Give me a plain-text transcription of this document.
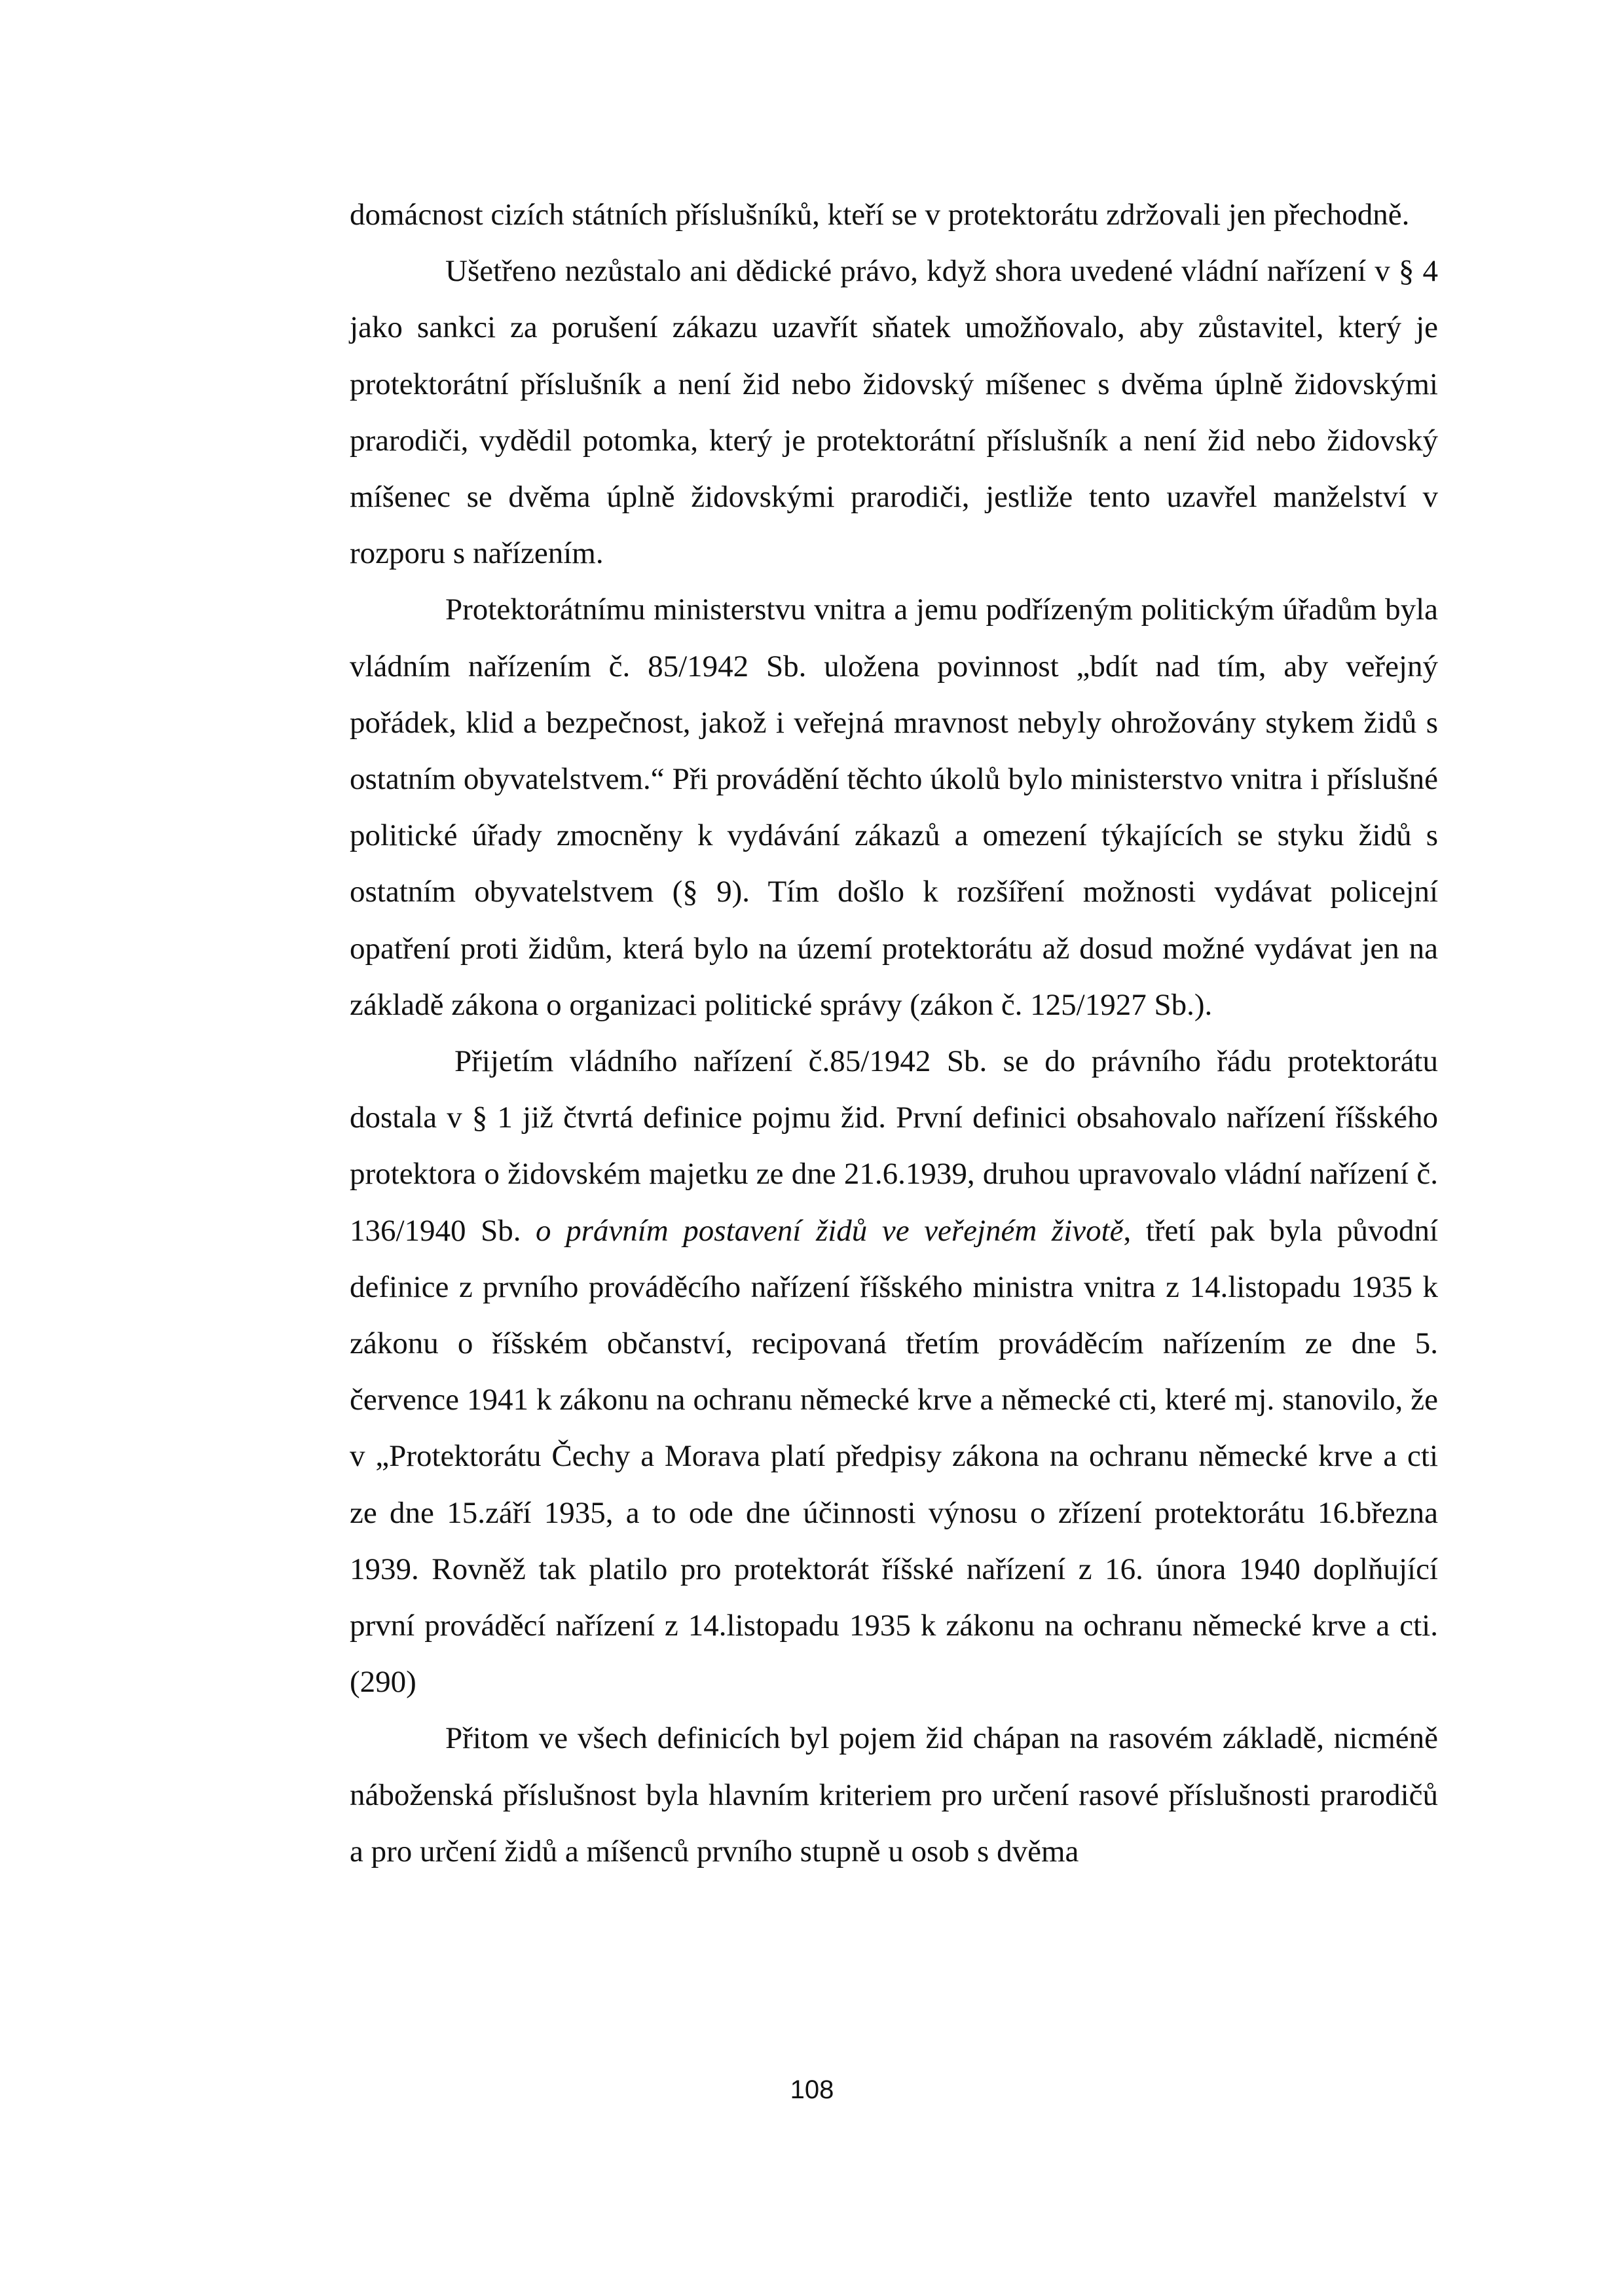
domácnost cizích státních příslušníků, kteří se v protektorátu zdržovali jen přechodně.

Ušetřeno nezůstalo ani dědické právo, když shora uvedené vládní nařízení v § 4 jako sankci za porušení zákazu uzavřít sňatek umožňovalo, aby zůstavitel, který je protektorátní příslušník a není žid nebo židovský míšenec s dvěma úplně židovskými prarodiči, vydědil potomka, který je protektorátní příslušník a není žid nebo židovský míšenec se dvěma úplně židovskými prarodiči, jestliže tento uzavřel manželství v rozporu s nařízením.

Protektorátnímu ministerstvu vnitra a jemu podřízeným politickým úřadům byla vládním nařízením č. 85/1942 Sb. uložena povinnost „bdít nad tím, aby veřejný pořádek, klid a bezpečnost, jakož i veřejná mravnost nebyly ohrožovány stykem židů s ostatním obyvatelstvem.“ Při provádění těchto úkolů bylo ministerstvo vnitra i příslušné politické úřady zmocněny k vydávání zákazů a omezení týkajících se styku židů s ostatním obyvatelstvem (§ 9). Tím došlo k rozšíření možnosti vydávat policejní opatření proti židům, která bylo na území protektorátu až dosud možné vydávat jen na základě zákona o organizaci politické správy (zákon č. 125/1927 Sb.).

Přijetím vládního nařízení č.85/1942 Sb. se do právního řádu protektorátu dostala v § 1 již čtvrtá definice pojmu žid. První definici obsahovalo nařízení říšského protektora o židovském majetku ze dne 21.6.1939, druhou upravovalo vládní nařízení č. 136/1940 Sb. o právním postavení židů ve veřejném životě, třetí pak byla původní definice z prvního prováděcího nařízení říšského ministra vnitra z 14.listopadu 1935 k zákonu o říšském občanství, recipovaná třetím prováděcím nařízením ze dne 5. července 1941 k zákonu na ochranu německé krve a německé cti, které mj. stanovilo, že v „Protektorátu Čechy a Morava platí předpisy zákona na ochranu německé krve a cti ze dne 15.září 1935, a to ode dne účinnosti výnosu o zřízení protektorátu 16.března 1939. Rovněž tak platilo pro protektorát říšské nařízení z 16. února 1940 doplňující první prováděcí nařízení z 14.listopadu 1935 k zákonu na ochranu německé krve a cti. (290)

Přitom ve všech definicích byl pojem žid chápan na rasovém základě, nicméně náboženská příslušnost byla hlavním kriteriem pro určení rasové příslušnosti prarodičů a pro určení židů a míšenců prvního stupně u osob s dvěma

108
